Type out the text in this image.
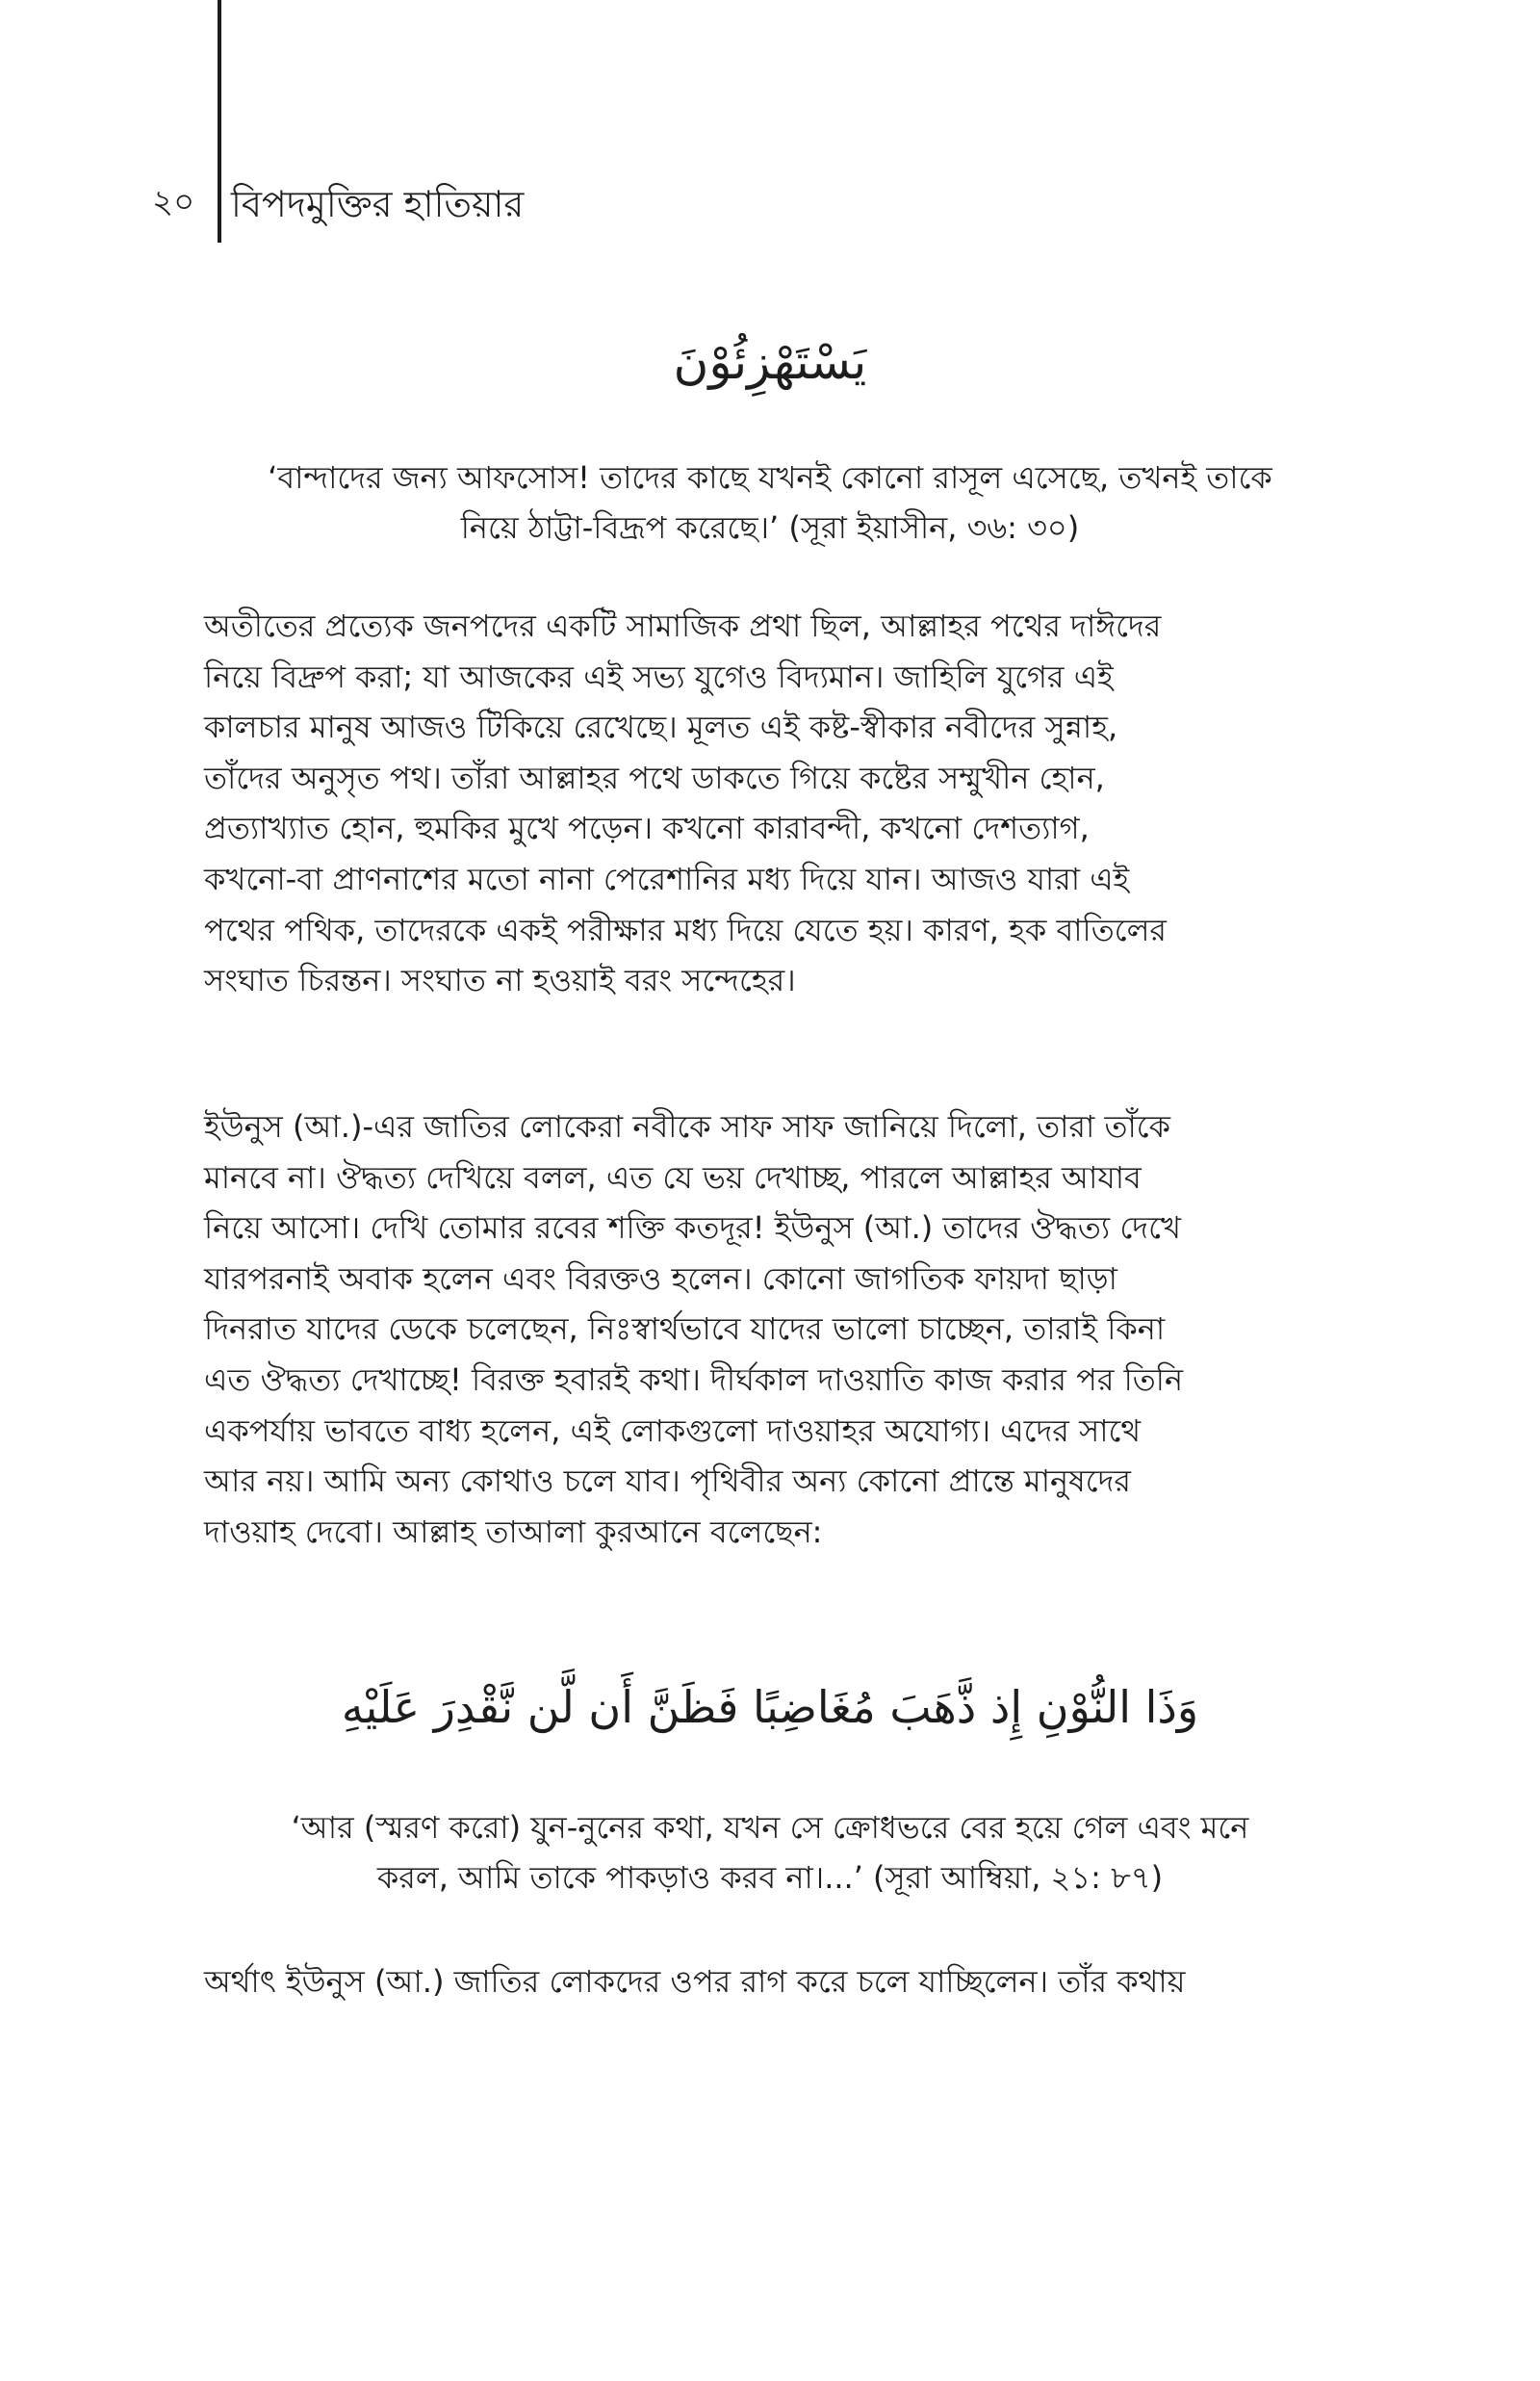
২০ বিপদমুক্তির হাতিয়ার
يَسْتَهْزِئُوْنَ
‘বান্দাদের জন্য আফসোস! তাদের কাছে যখনই কোনো রাসূল এসেছে, তখনই তাকে
নিয়ে ঠাট্টা-বিদ্রূপ করেছে।’ (সূরা ইয়াসীন, ৩৬: ৩০)

অতীতের প্রত্যেক জনপদের একটি সামাজিক প্রথা ছিল, আল্লাহর পথের দাঈদের
নিয়ে বিদ্রুপ করা; যা আজকের এই সভ্য যুগেও বিদ্যমান। জাহিলি যুগের এই
কালচার মানুষ আজও টিকিয়ে রেখেছে। মূলত এই কষ্ট-স্বীকার নবীদের সুন্নাহ,
তাঁদের অনুসৃত পথ। তাঁরা আল্লাহর পথে ডাকতে গিয়ে কষ্টের সম্মুখীন হোন,
প্রত্যাখ্যাত হোন, হুমকির মুখে পড়েন। কখনো কারাবন্দী, কখনো দেশত্যাগ,
কখনো-বা প্রাণনাশের মতো নানা পেরেশানির মধ্য দিয়ে যান। আজও যারা এই
পথের পথিক, তাদেরকে একই পরীক্ষার মধ্য দিয়ে যেতে হয়। কারণ, হক বাতিলের
সংঘাত চিরন্তন। সংঘাত না হওয়াই বরং সন্দেহের।

ইউনুস (আ.)-এর জাতির লোকেরা নবীকে সাফ সাফ জানিয়ে দিলো, তারা তাঁকে
মানবে না। ঔদ্ধত্য দেখিয়ে বলল, এত যে ভয় দেখাচ্ছ, পারলে আল্লাহর আযাব
নিয়ে আসো। দেখি তোমার রবের শক্তি কতদূর! ইউনুস (আ.) তাদের ঔদ্ধত্য দেখে
যারপরনাই অবাক হলেন এবং বিরক্তও হলেন। কোনো জাগতিক ফায়দা ছাড়া
দিনরাত যাদের ডেকে চলেছেন, নিঃস্বার্থভাবে যাদের ভালো চাচ্ছেন, তারাই কিনা
এত ঔদ্ধত্য দেখাচ্ছে! বিরক্ত হবারই কথা। দীর্ঘকাল দাওয়াতি কাজ করার পর তিনি
একপর্যায় ভাবতে বাধ্য হলেন, এই লোকগুলো দাওয়াহর অযোগ্য। এদের সাথে
আর নয়। আমি অন্য কোথাও চলে যাব। পৃথিবীর অন্য কোনো প্রান্তে মানুষদের
দাওয়াহ দেবো। আল্লাহ তাআলা কুরআনে বলেছেন:

وَذَا النُّوْنِ إِذ ذَّهَبَ مُغَاضِبًا فَظَنَّ أَن لَّن نَّقْدِرَ عَلَيْهِ
‘আর (স্মরণ করো) যুন-নুনের কথা, যখন সে ক্রোধভরে বের হয়ে গেল এবং মনে
করল, আমি তাকে পাকড়াও করব না।...’ (সূরা আম্বিয়া, ২১: ৮৭)

অর্থাৎ ইউনুস (আ.) জাতির লোকদের ওপর রাগ করে চলে যাচ্ছিলেন। তাঁর কথায়
